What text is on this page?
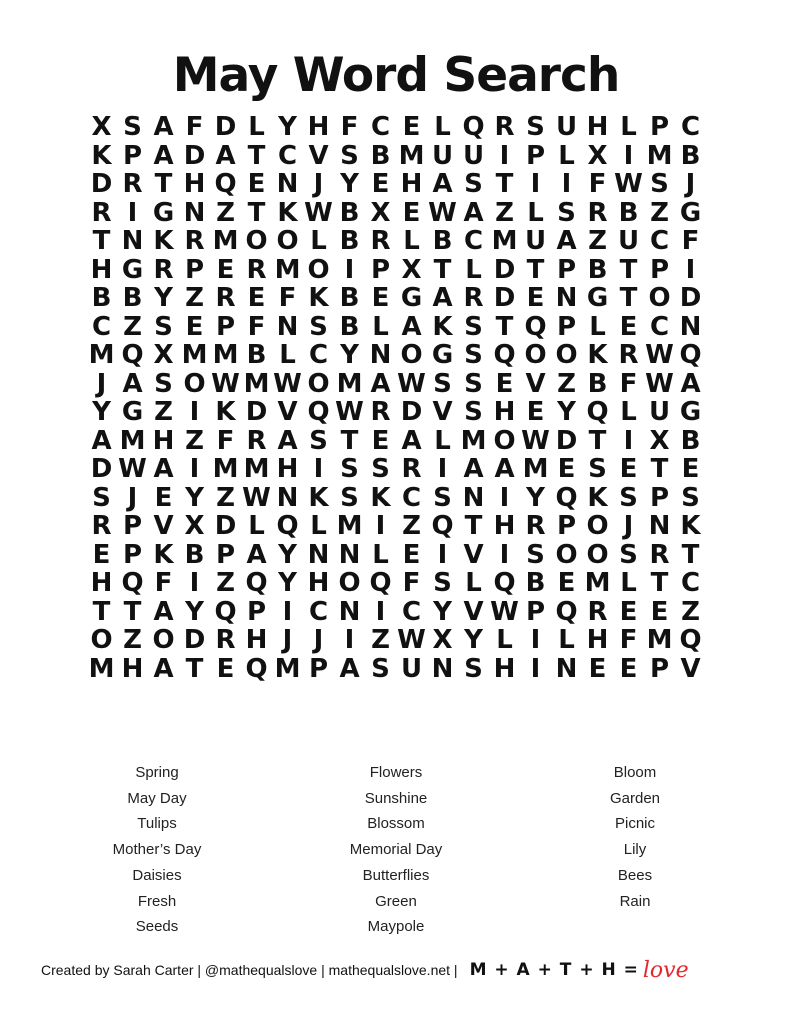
May Word Search
X S A F D L Y H F C E L Q R S U H L P C
K P A D A T C V S B M U U I P L X I M B
D R T H Q E N J Y E H A S T I I F W S J
R I G N Z T K W B X E W A Z L S R B Z G
T N K R M O O L B R L B C M U A Z U C F
H G R P E R M O I P X T L D T P B T P I
B B Y Z R E F K B E G A R D E N G T O D
C Z S E P F N S B L A K S T Q P L E C N
M Q X M M B L C Y N O G S Q O O K R W Q
J A S O W M W O M A W S S E V Z B F W A
Y G Z I K D V Q W R D V S H E Y Q L U G
A M H Z F R A S T E A L M O W D T I X B
D W A I M M H I S S R I A A M E S E T E
S J E Y Z W N K S K C S N I Y Q K S P S
R P V X D L Q L M I Z Q T H R P O J N K
E P K B P A Y N N L E I V I S O O S R T
H Q F I Z Q Y H O Q F S L Q B E M L T C
T T A Y Q P I C N I C Y V W P Q R E E Z
O Z O D R H J J I Z W X Y L I L H F M Q
M H A T E Q M P A S U N S H I N E E P V
Spring
May Day
Tulips
Mother’s Day
Daisies
Fresh
Seeds
Flowers
Sunshine
Blossom
Memorial Day
Butterflies
Green
Maypole
Bloom
Garden
Picnic
Lily
Bees
Rain
Created by Sarah Carter | @mathequalslove | mathequalslove.net | M + A + T + H = love
